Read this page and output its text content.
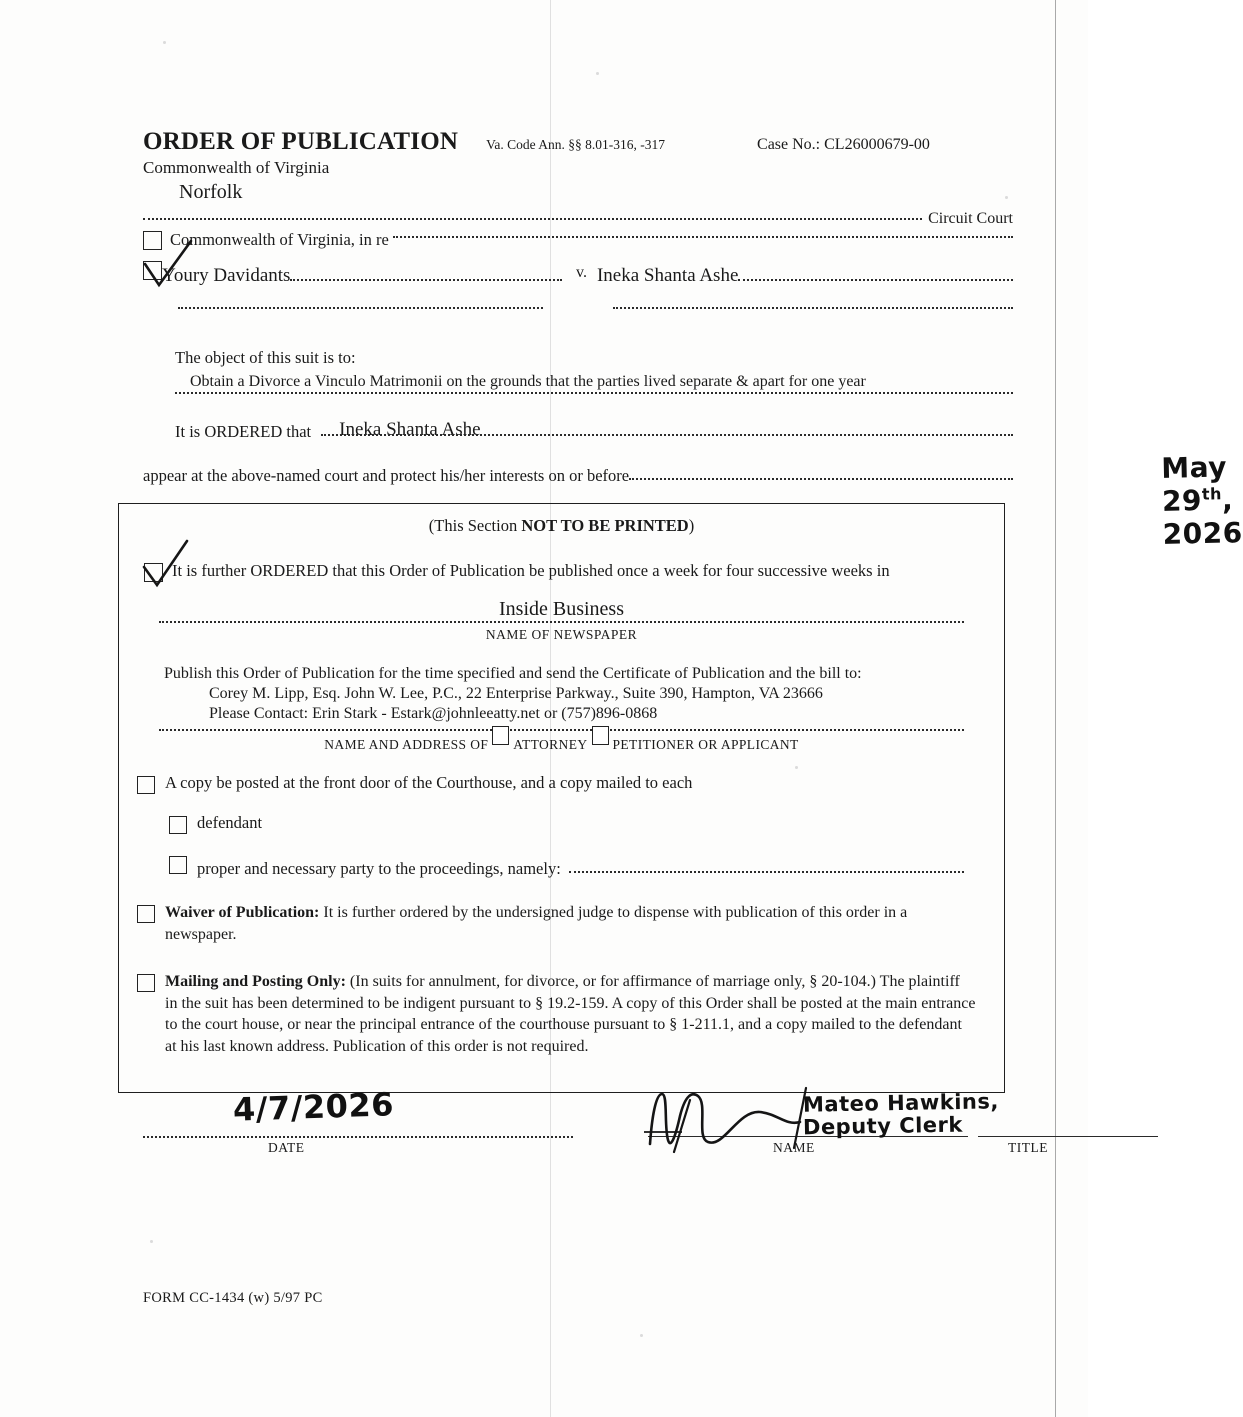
ORDER OF PUBLICATION Va. Code Ann. §§ 8.01-316, -317	Case No.: CL26000679-00
Commonwealth of Virginia
Norfolk
Circuit Court
Commonwealth of Virginia, in re
Youry Davidants	v. Ineka Shanta Ashe
The object of this suit is to:
Obtain a Divorce a Vinculo Matrimonii on the grounds that the parties lived separate & apart for one year
It is ORDERED that Ineka Shanta Ashe
appear at the above-named court and protect his/her interests on or before	May 29th, 2026
(This Section NOT TO BE PRINTED)
It is further ORDERED that this Order of Publication be published once a week for four successive weeks in
Inside Business
NAME OF NEWSPAPER
Publish this Order of Publication for the time specified and send the Certificate of Publication and the bill to:
Corey M. Lipp, Esq. John W. Lee, P.C., 22 Enterprise Parkway., Suite 390, Hampton, VA 23666
Please Contact: Erin Stark - Estark@johnleeatty.net or (757)896-0868
NAME AND ADDRESS OF ATTORNEY PETITIONER OR APPLICANT
A copy be posted at the front door of the Courthouse, and a copy mailed to each
defendant
proper and necessary party to the proceedings, namely:
Waiver of Publication: It is further ordered by the undersigned judge to dispense with publication of this order in a newspaper.
Mailing and Posting Only: (In suits for annulment, for divorce, or for affirmance of marriage only, § 20-104.) The plaintiff in the suit has been determined to be indigent pursuant to § 19.2-159. A copy of this Order shall be posted at the main entrance to the court house, or near the principal entrance of the courthouse pursuant to § 1-211.1, and a copy mailed to the defendant at his last known address. Publication of this order is not required.
DATE
4/7/2026
NAME	TITLE
Mateo Hawkins,
Deputy Clerk
FORM CC-1434 (w) 5/97 PC
